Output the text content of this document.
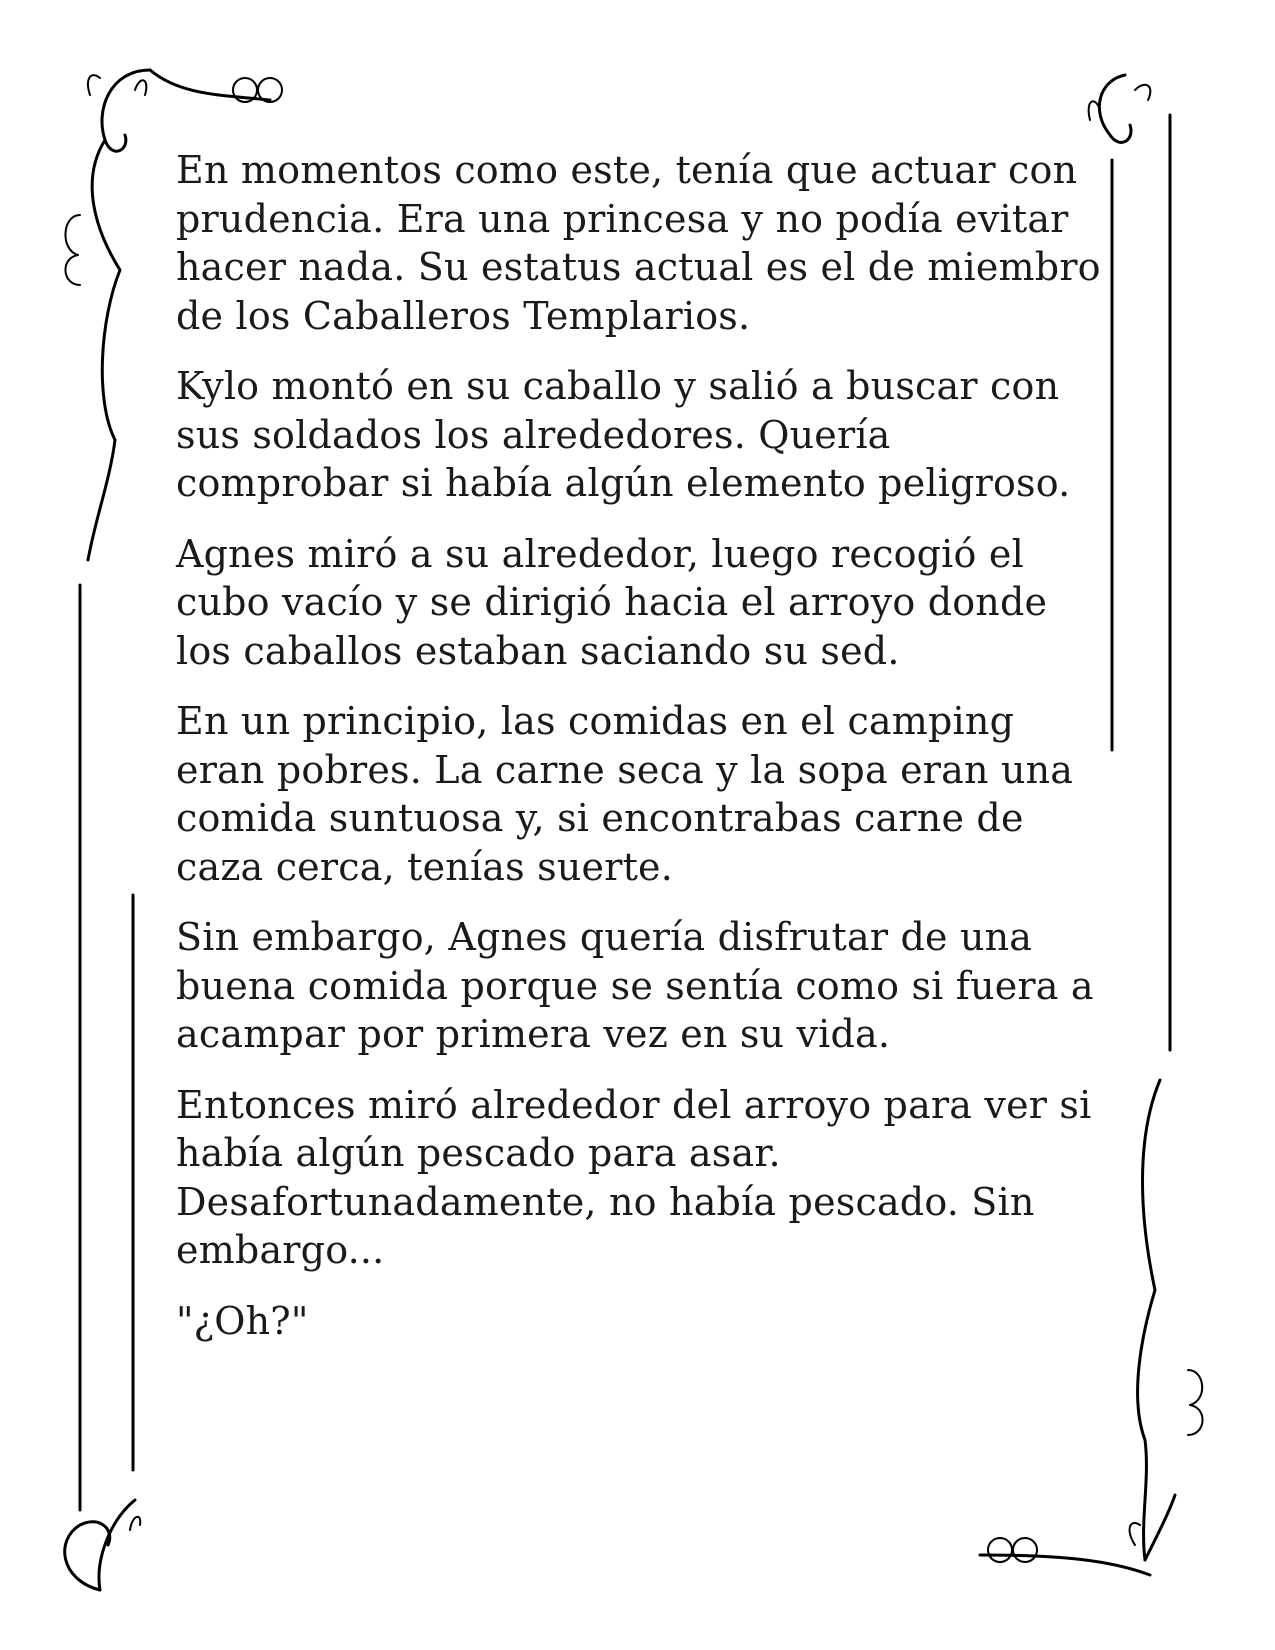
En momentos como este, tenía que actuar con prudencia. Era una princesa y no podía evitar hacer nada. Su estatus actual es el de miembro de los Caballeros Templarios.

Kylo montó en su caballo y salió a buscar con sus soldados los alrededores. Quería comprobar si había algún elemento peligroso.

Agnes miró a su alrededor, luego recogió el cubo vacío y se dirigió hacia el arroyo donde los caballos estaban saciando su sed.

En un principio, las comidas en el camping eran pobres. La carne seca y la sopa eran una comida suntuosa y, si encontrabas carne de caza cerca, tenías suerte.

Sin embargo, Agnes quería disfrutar de una buena comida porque se sentía como si fuera a acampar por primera vez en su vida.

Entonces miró alrededor del arroyo para ver si había algún pescado para asar. Desafortunadamente, no había pescado. Sin embargo...

"¿Oh?"
